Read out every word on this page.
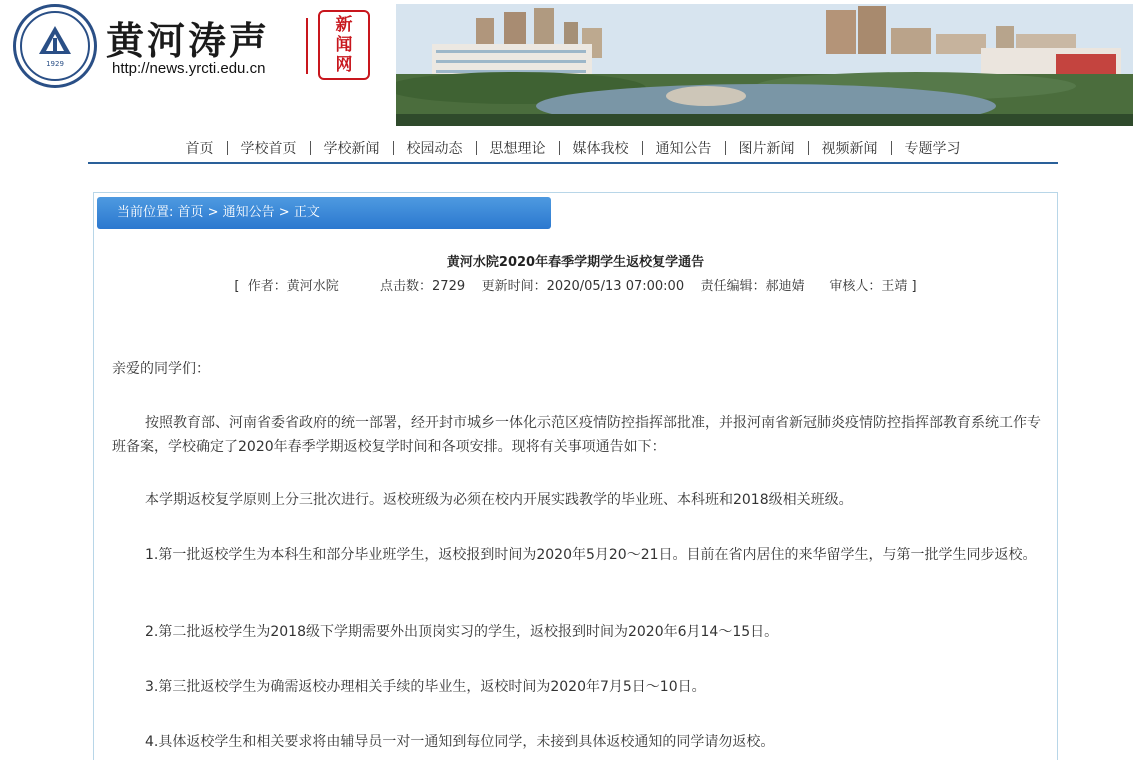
1929
黄河涛声
http://news.yrcti.edu.cn
新
闻
网
首页	学校首页	学校新闻	校园动态	思想理论	媒体我校	通知公告	图片新闻	视频新闻	专题学习
当前位置: 首页 > 通知公告 > 正文
黄河水院2020年春季学期学生返校复学通告
[  作者：黄河水院          点击数：2729    更新时间：2020/05/13 07:00:00    责任编辑：郝迪婧      审核人：王靖 ]
亲爱的同学们：
按照教育部、河南省委省政府的统一部署，经开封市城乡一体化示范区疫情防控指挥部批准，并报河南省新冠肺炎疫情防控指挥部教育系统工作专班备案，学校确定了2020年春季学期返校复学时间和各项安排。现将有关事项通告如下：
本学期返校复学原则上分三批次进行。返校班级为必须在校内开展实践教学的毕业班、本科班和2018级相关班级。
1.第一批返校学生为本科生和部分毕业班学生，返校报到时间为2020年5月20～21日。目前在省内居住的来华留学生，与第一批学生同步返校。
2.第二批返校学生为2018级下学期需要外出顶岗实习的学生，返校报到时间为2020年6月14～15日。
3.第三批返校学生为确需返校办理相关手续的毕业生，返校时间为2020年7月5日～10日。
4.具体返校学生和相关要求将由辅导员一对一通知到每位同学，未接到具体返校通知的同学请勿返校。
